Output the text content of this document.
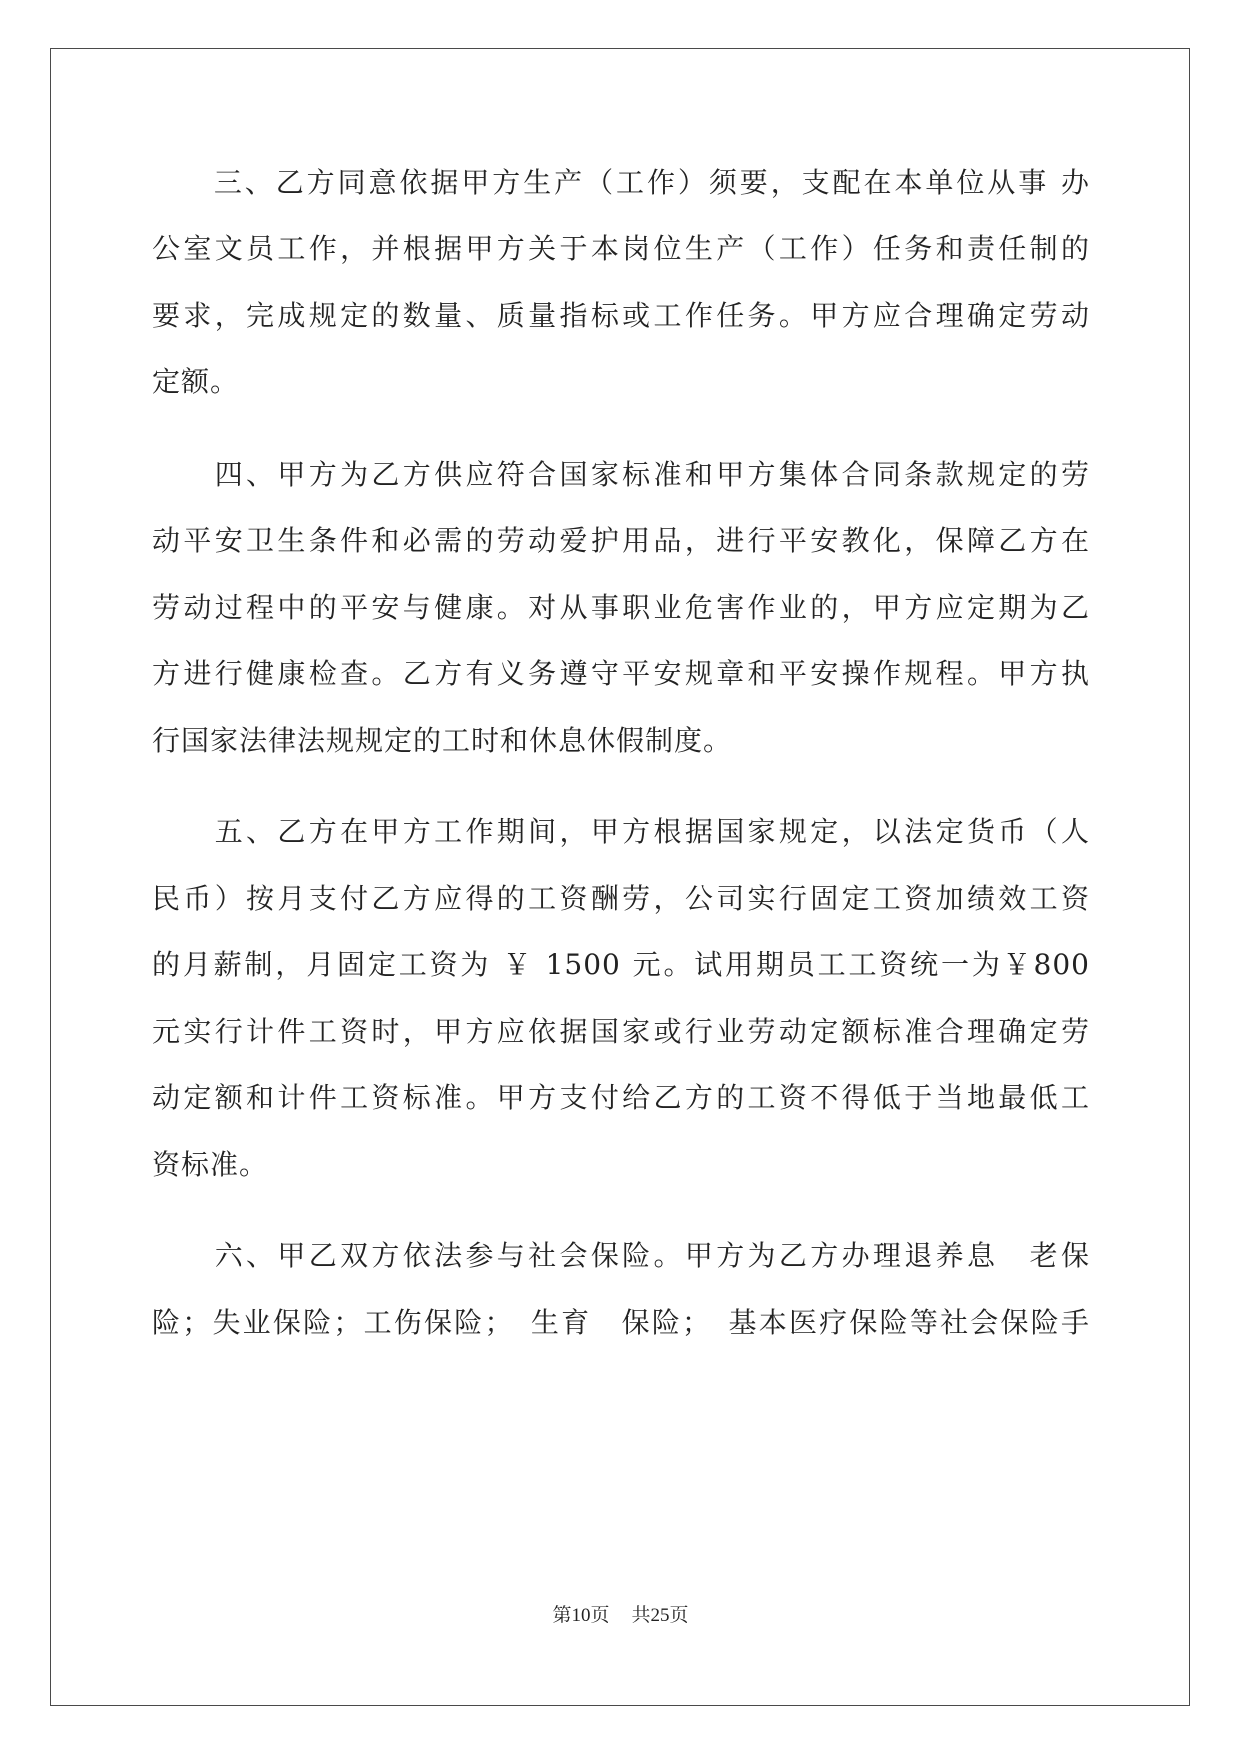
　　三、乙方同意依据甲方生产（工作）须要，支配在本单位从事 办
公室文员工作，并根据甲方关于本岗位生产（工作）任务和责任制的
要求，完成规定的数量、质量指标或工作任务。甲方应合理确定劳动
定额。
　　四、甲方为乙方供应符合国家标准和甲方集体合同条款规定的劳
动平安卫生条件和必需的劳动爱护用品，进行平安教化，保障乙方在
劳动过程中的平安与健康。对从事职业危害作业的，甲方应定期为乙
方进行健康检查。乙方有义务遵守平安规章和平安操作规程。甲方执
行国家法律法规规定的工时和休息休假制度。
　　五、乙方在甲方工作期间，甲方根据国家规定，以法定货币（人
民币）按月支付乙方应得的工资酬劳，公司实行固定工资加绩效工资
的月薪制，月固定工资为 ￥ 1500 元。试用期员工工资统一为￥800
元实行计件工资时，甲方应依据国家或行业劳动定额标准合理确定劳
动定额和计件工资标准。甲方支付给乙方的工资不得低于当地最低工
资标准。
　　六、甲乙双方依法参与社会保险。甲方为乙方办理退养息　老保
险；失业保险；工伤保险；　生育　保险；　基本医疗保险等社会保险手
第10页 共25页
